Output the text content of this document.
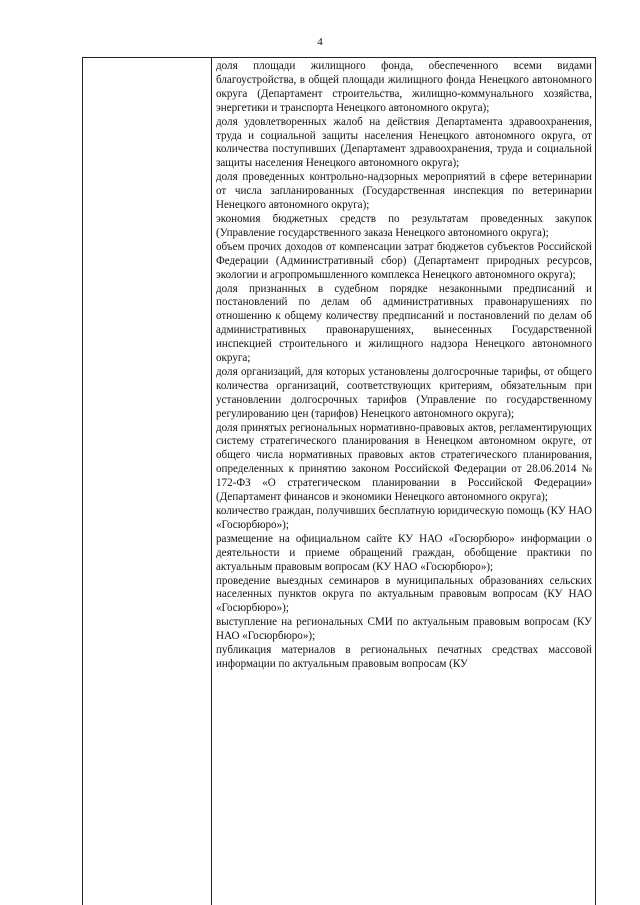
4
доля площади жилищного фонда, обеспеченного всеми видами благоустройства, в общей площади жилищного фонда Ненецкого автономного округа (Департамент строительства, жилищно-коммунального хозяйства, энергетики и транспорта Ненецкого автономного округа);
доля удовлетворенных жалоб на действия Департамента здравоохранения, труда и социальной защиты населения Ненецкого автономного округа, от количества поступивших (Департамент здравоохранения, труда и социальной защиты населения Ненецкого автономного округа);
доля проведенных контрольно-надзорных мероприятий в сфере ветеринарии от числа запланированных (Государственная инспекция по ветеринарии Ненецкого автономного округа);
экономия бюджетных средств по результатам проведенных закупок (Управление государственного заказа Ненецкого автономного округа);
объем прочих доходов от компенсации затрат бюджетов субъектов Российской Федерации (Административный сбор) (Департамент природных ресурсов, экологии и агропромышленного комплекса Ненецкого автономного округа);
доля признанных в судебном порядке незаконными предписаний и постановлений по делам об административных правонарушениях по отношению к общему количеству предписаний и постановлений по делам об административных правонарушениях, вынесенных Государственной инспекцией строительного и жилищного надзора Ненецкого автономного округа;
доля организаций, для которых установлены долгосрочные тарифы, от общего количества организаций, соответствующих критериям, обязательным при установлении долгосрочных тарифов (Управление по государственному регулированию цен (тарифов) Ненецкого автономного округа);
доля принятых региональных нормативно-правовых актов, регламентирующих систему стратегического планирования в Ненецком автономном округе, от общего числа нормативных правовых актов стратегического планирования, определенных к принятию законом Российской Федерации от 28.06.2014 № 172-ФЗ «О стратегическом планировании в Российской Федерации» (Департамент финансов и экономики Ненецкого автономного округа);
количество граждан, получивших бесплатную юридическую помощь (КУ НАО «Госюрбюро»);
размещение на официальном сайте КУ НАО «Госюрбюро» информации о деятельности и приеме обращений граждан, обобщение практики по актуальным правовым вопросам (КУ НАО «Госюрбюро»);
проведение выездных семинаров в муниципальных образованиях сельских населенных пунктов округа по актуальным правовым вопросам (КУ НАО «Госюрбюро»);
выступление на региональных СМИ по актуальным правовым вопросам (КУ НАО «Госюрбюро»);
публикация материалов в региональных печатных средствах массовой информации по актуальным правовым вопросам (КУ
